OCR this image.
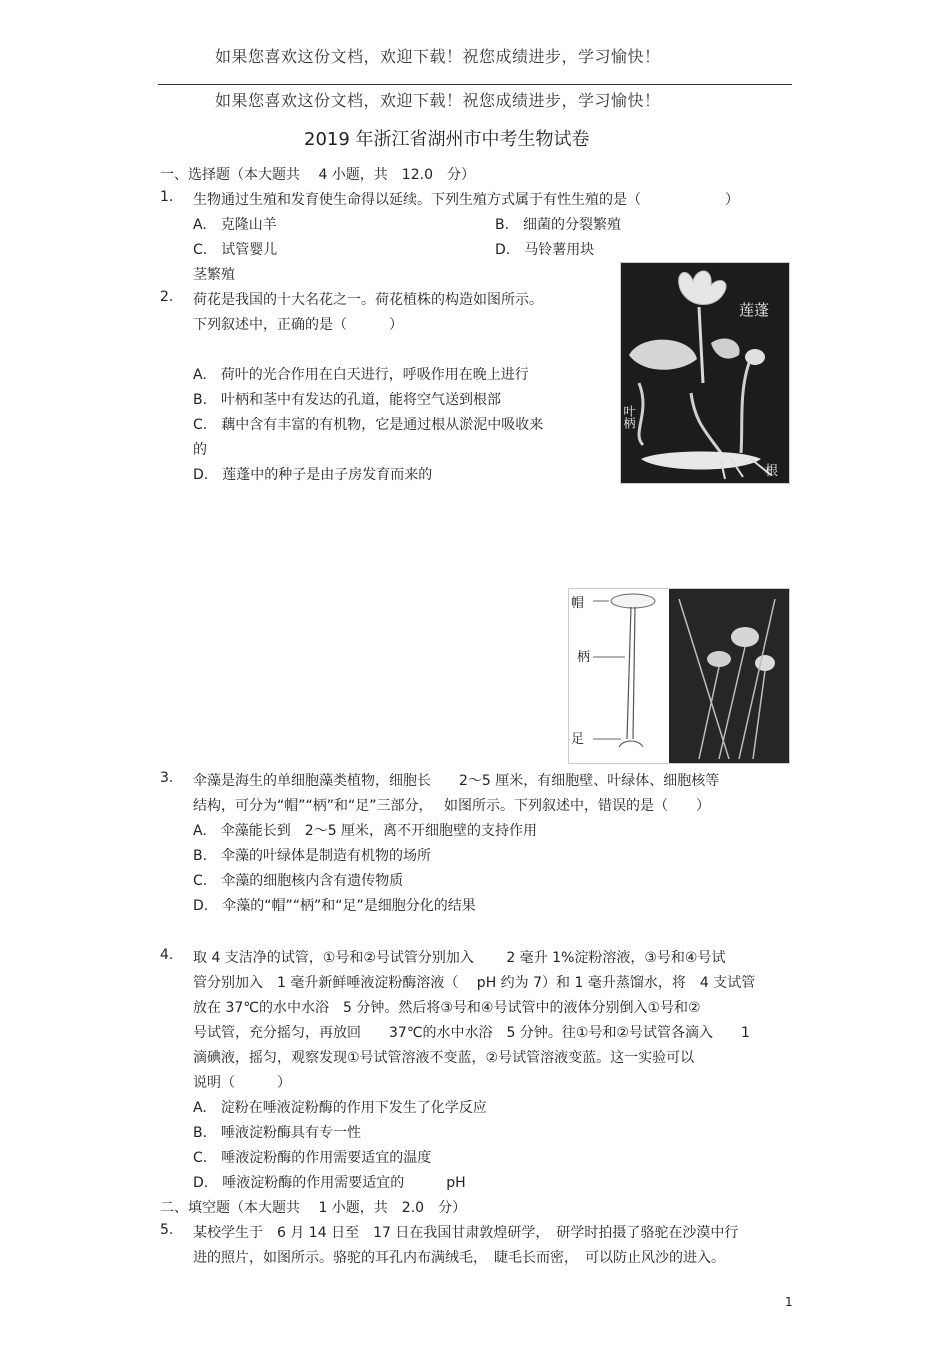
如果您喜欢这份文档，欢迎下载！祝您成绩进步，学习愉快！
如果您喜欢这份文档，欢迎下载！祝您成绩进步，学习愉快！
2019 年浙江省湖州市中考生物试卷
一、选择题（本大题共　 4 小题，共　12.0　分）
1. 生物通过生殖和发育使生命得以延续。下列生殖方式属于有性生殖的是（　　　　　　）
A.　克隆山羊	B.　细菌的分裂繁殖
C.　试管婴儿	D.　马铃薯用块
茎繁殖
2. 荷花是我国的十大名花之一。荷花植株的构造如图所示。
下列叙述中，正确的是（　　　）
A.　荷叶的光合作用在白天进行，呼吸作用在晚上进行
B.　叶柄和茎中有发达的孔道，能将空气送到根部
C.　藕中含有丰富的有机物，它是通过根从淤泥中吸收来
的
D.　莲蓬中的种子是由子房发育而来的
莲蓬
叶柄
根
帽
柄
足
3. 伞藻是海生的单细胞藻类植物，细胞长　　2～5 厘米，有细胞壁、叶绿体、细胞核等
结构，可分为“帽”“柄”和“足”三部分，　 如图所示。下列叙述中，错误的是（　　）
A.　伞藻能长到　2～5 厘米，离不开细胞壁的支持作用
B.　伞藻的叶绿体是制造有机物的场所
C.　伞藻的细胞核内含有遗传物质
D.　伞藻的“帽”“柄”和“足”是细胞分化的结果
4. 取 4 支洁净的试管，①号和②号试管分别加入　　 2 毫升 1%淀粉溶液，③号和④号试
管分别加入　1 毫升新鲜唾液淀粉酶溶液（　 pH 约为 7）和 1 毫升蒸馏水，将　4 支试管
放在 37℃的水中水浴　5 分钟。然后将③号和④号试管中的液体分别倒入①号和②
号试管，充分摇匀，再放回　　37℃的水中水浴　5 分钟。往①号和②号试管各滴入　　1
滴碘液，摇匀，观察发现①号试管溶液不变蓝，②号试管溶液变蓝。这一实验可以
说明（　　　）
A.　淀粉在唾液淀粉酶的作用下发生了化学反应
B.　唾液淀粉酶具有专一性
C.　唾液淀粉酶的作用需要适宜的温度
D.　唾液淀粉酶的作用需要适宜的　　　pH
二、填空题（本大题共　 1 小题，共　2.0　分）
5. 某校学生于　6 月 14 日至　17 日在我国甘肃敦煌研学，　研学时拍摄了骆驼在沙漠中行
进的照片，如图所示。骆驼的耳孔内布满绒毛，　睫毛长而密，　可以防止风沙的进入。
1
